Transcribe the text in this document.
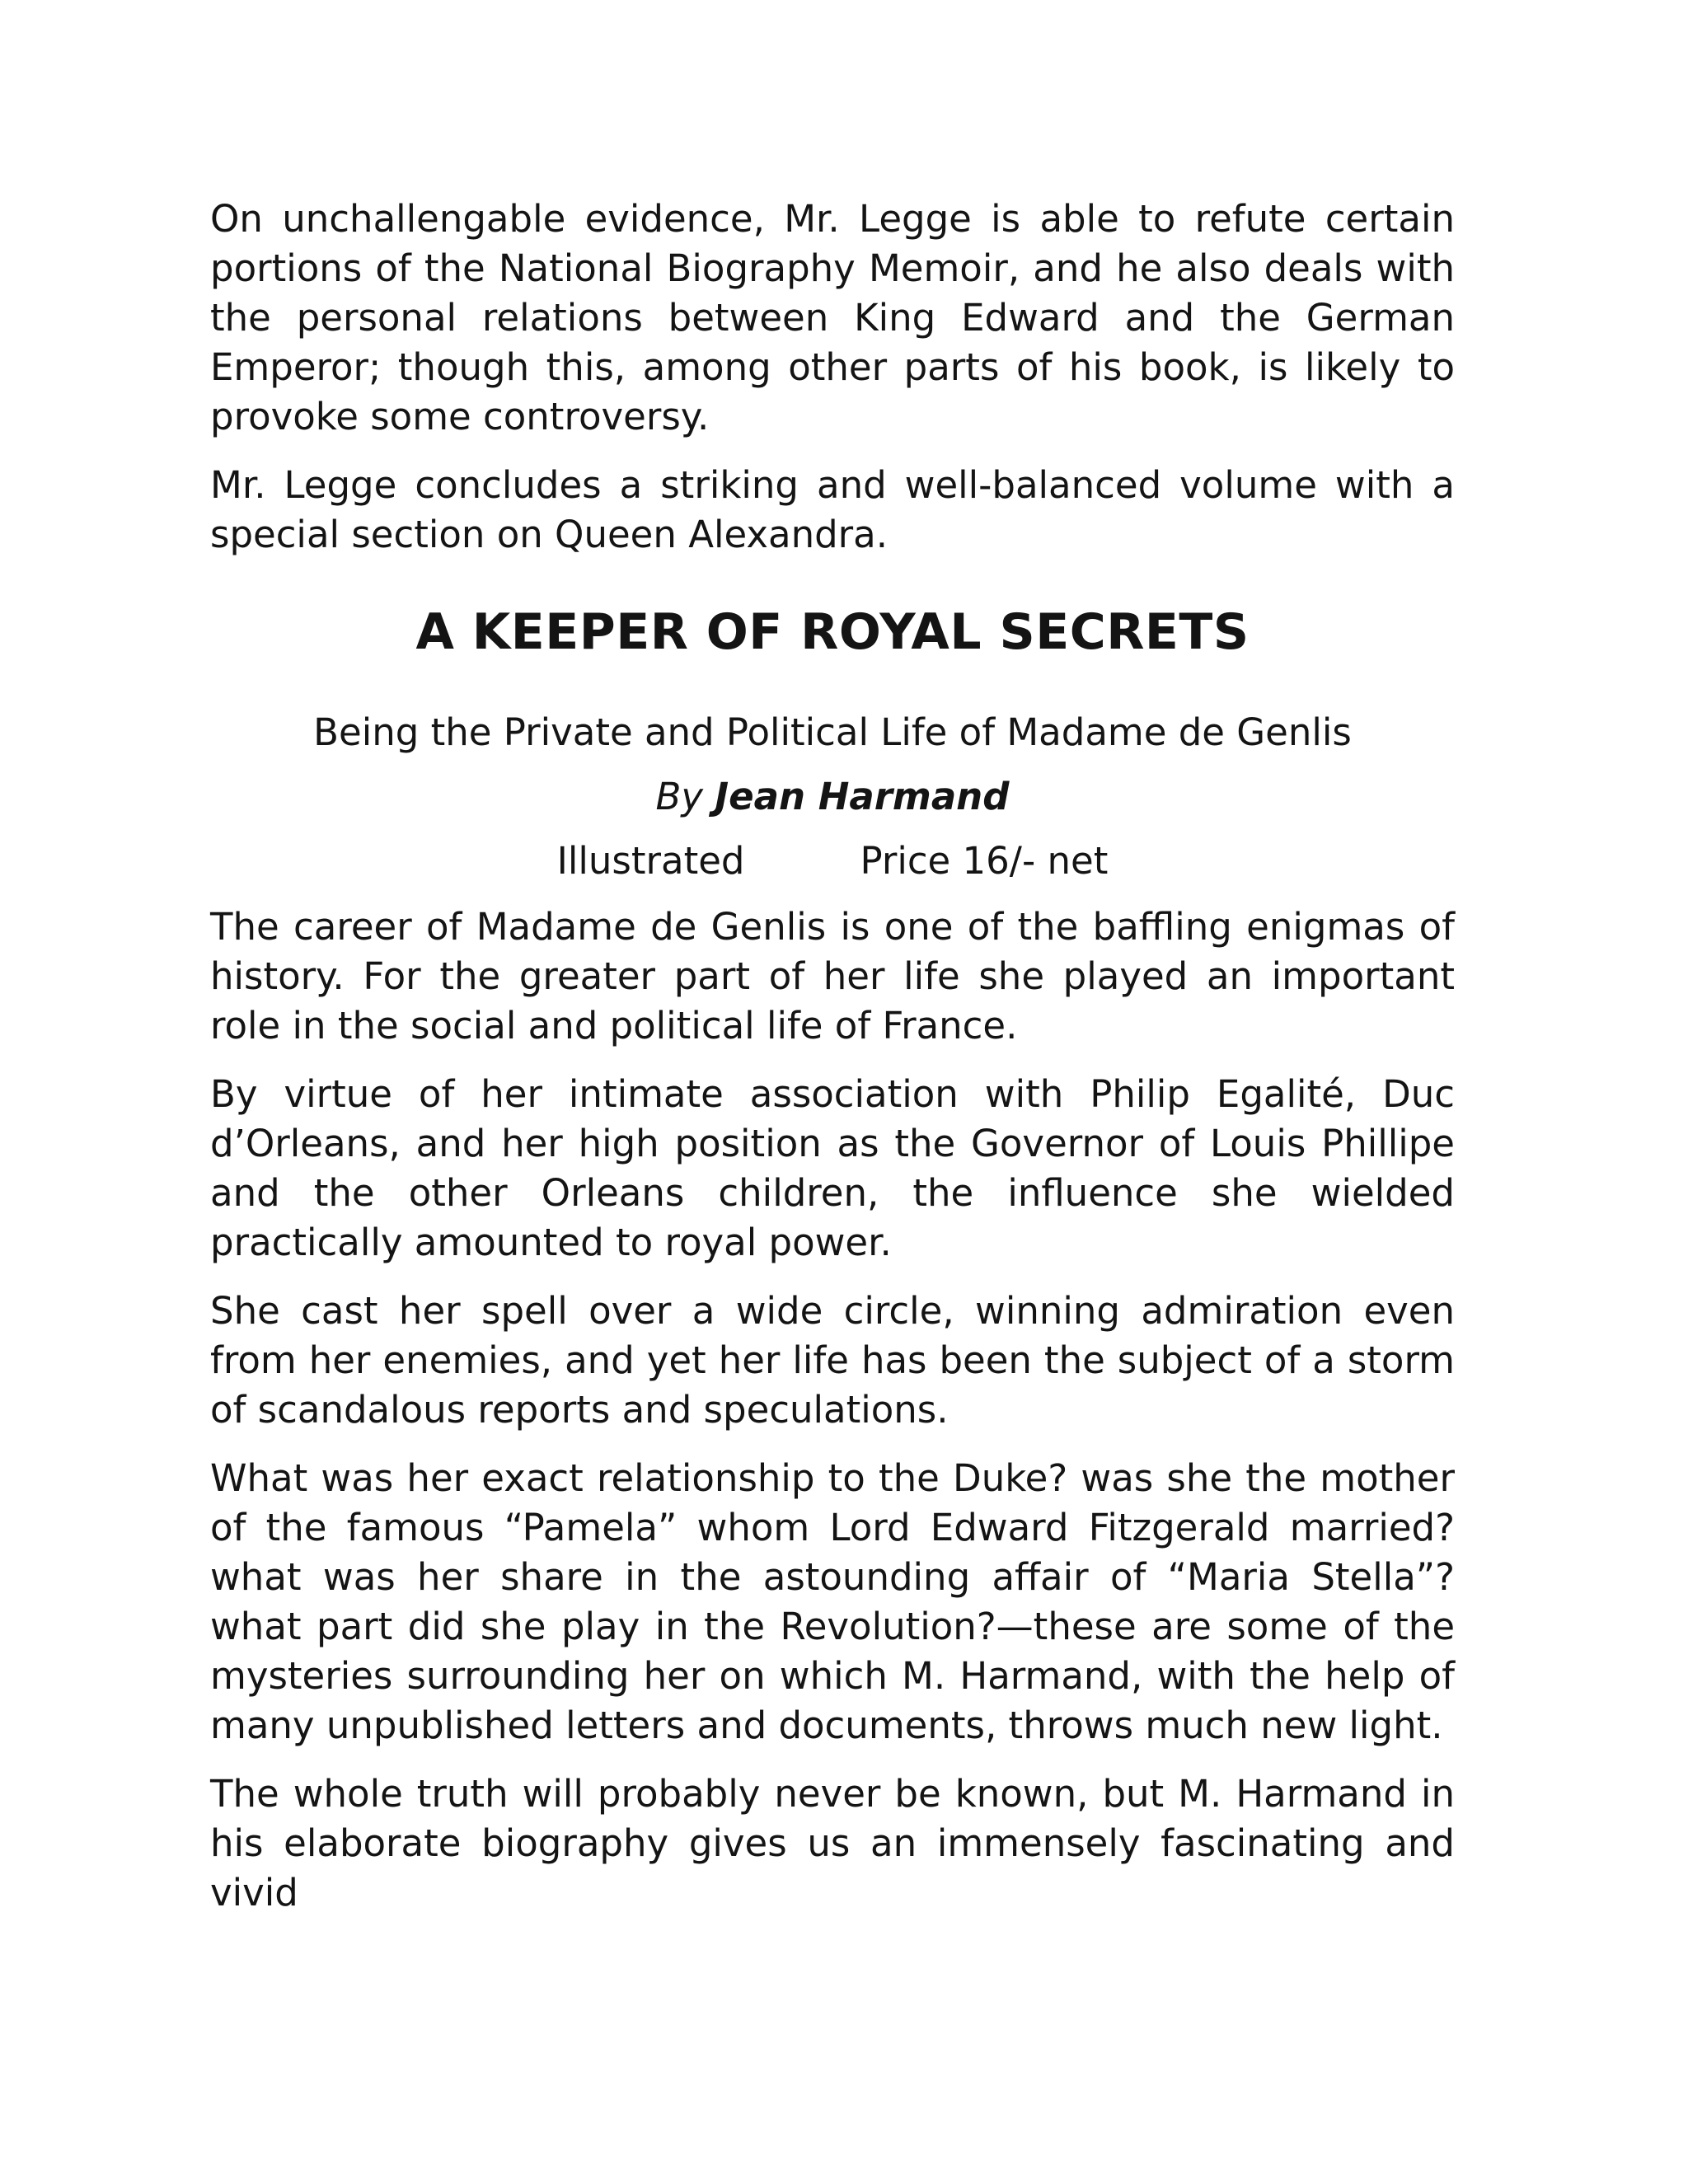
On unchallengable evidence, Mr. Legge is able to refute certain portions of the National Biography Memoir, and he also deals with the personal relations between King Edward and the German Emperor; though this, among other parts of his book, is likely to provoke some controversy.

Mr. Legge concludes a striking and well-balanced volume with a special section on Queen Alexandra.

A KEEPER OF ROYAL SECRETS

Being the Private and Political Life of Madame de Genlis

By Jean Harmand

Illustrated	Price 16/- net

The career of Madame de Genlis is one of the baffling enigmas of history. For the greater part of her life she played an important role in the social and political life of France.

By virtue of her intimate association with Philip Egalité, Duc d’Orleans, and her high position as the Governor of Louis Phillipe and the other Orleans children, the influence she wielded practically amounted to royal power.

She cast her spell over a wide circle, winning admiration even from her enemies, and yet her life has been the subject of a storm of scandalous reports and speculations.

What was her exact relationship to the Duke? was she the mother of the famous “Pamela” whom Lord Edward Fitzgerald married? what was her share in the astounding affair of “Maria Stella”? what part did she play in the Revolution?—these are some of the mysteries surrounding her on which M. Harmand, with the help of many unpublished letters and documents, throws much new light.

The whole truth will probably never be known, but M. Harmand in his elaborate biography gives us an immensely fascinating and vivid
